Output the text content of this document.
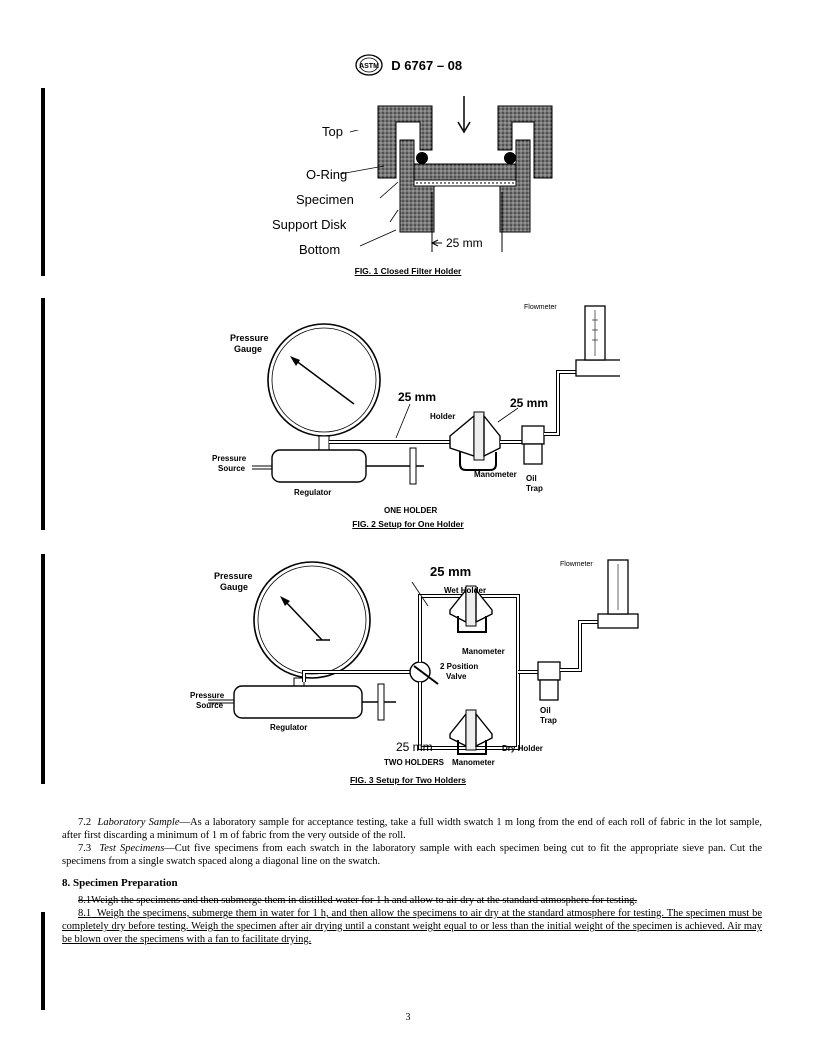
ASTM D 6767 – 08
Top
O-Ring
Specimen
Support Disk
Bottom	25 mm
FIG. 1 Closed Filter Holder
Flowmeter
Pressure
Gauge
25 mm	25 mm
Holder
Pressure
Source
Manometer Oil
Trap
Regulator
ONE HOLDER
FIG. 2 Setup for One Holder
Pressure
Gauge
25 mm
Wet Holder
Flowmeter
Manometer
2 Position
Valve
Pressure
Source
Oil
Trap
Regulator
25 mm	Dry Holder
TWO HOLDERS Manometer
FIG. 3 Setup for Two Holders

7.2 Laboratory Sample—As a laboratory sample for acceptance testing, take a full width swatch 1 m long from the end of each roll of fabric in the lot sample, after first discarding a minimum of 1 m of fabric from the very outside of the roll.

7.3 Test Specimens—Cut five specimens from each swatch in the laboratory sample with each specimen being cut to fit the appropriate sieve pan. Cut the specimens from a single swatch spaced along a diagonal line on the swatch.

8. Specimen Preparation

8.1Weigh the specimens and then submerge them in distilled water for 1 h and allow to air dry at the standard atmosphere for testing.

8.1 Weigh the specimens, submerge them in water for 1 h, and then allow the specimens to air dry at the standard atmosphere for testing. The specimen must be completely dry before testing. Weigh the specimen after air drying until a constant weight equal to or less than the initial weight of the specimen is achieved. Air may be blown over the specimens with a fan to facilitate drying.

3
